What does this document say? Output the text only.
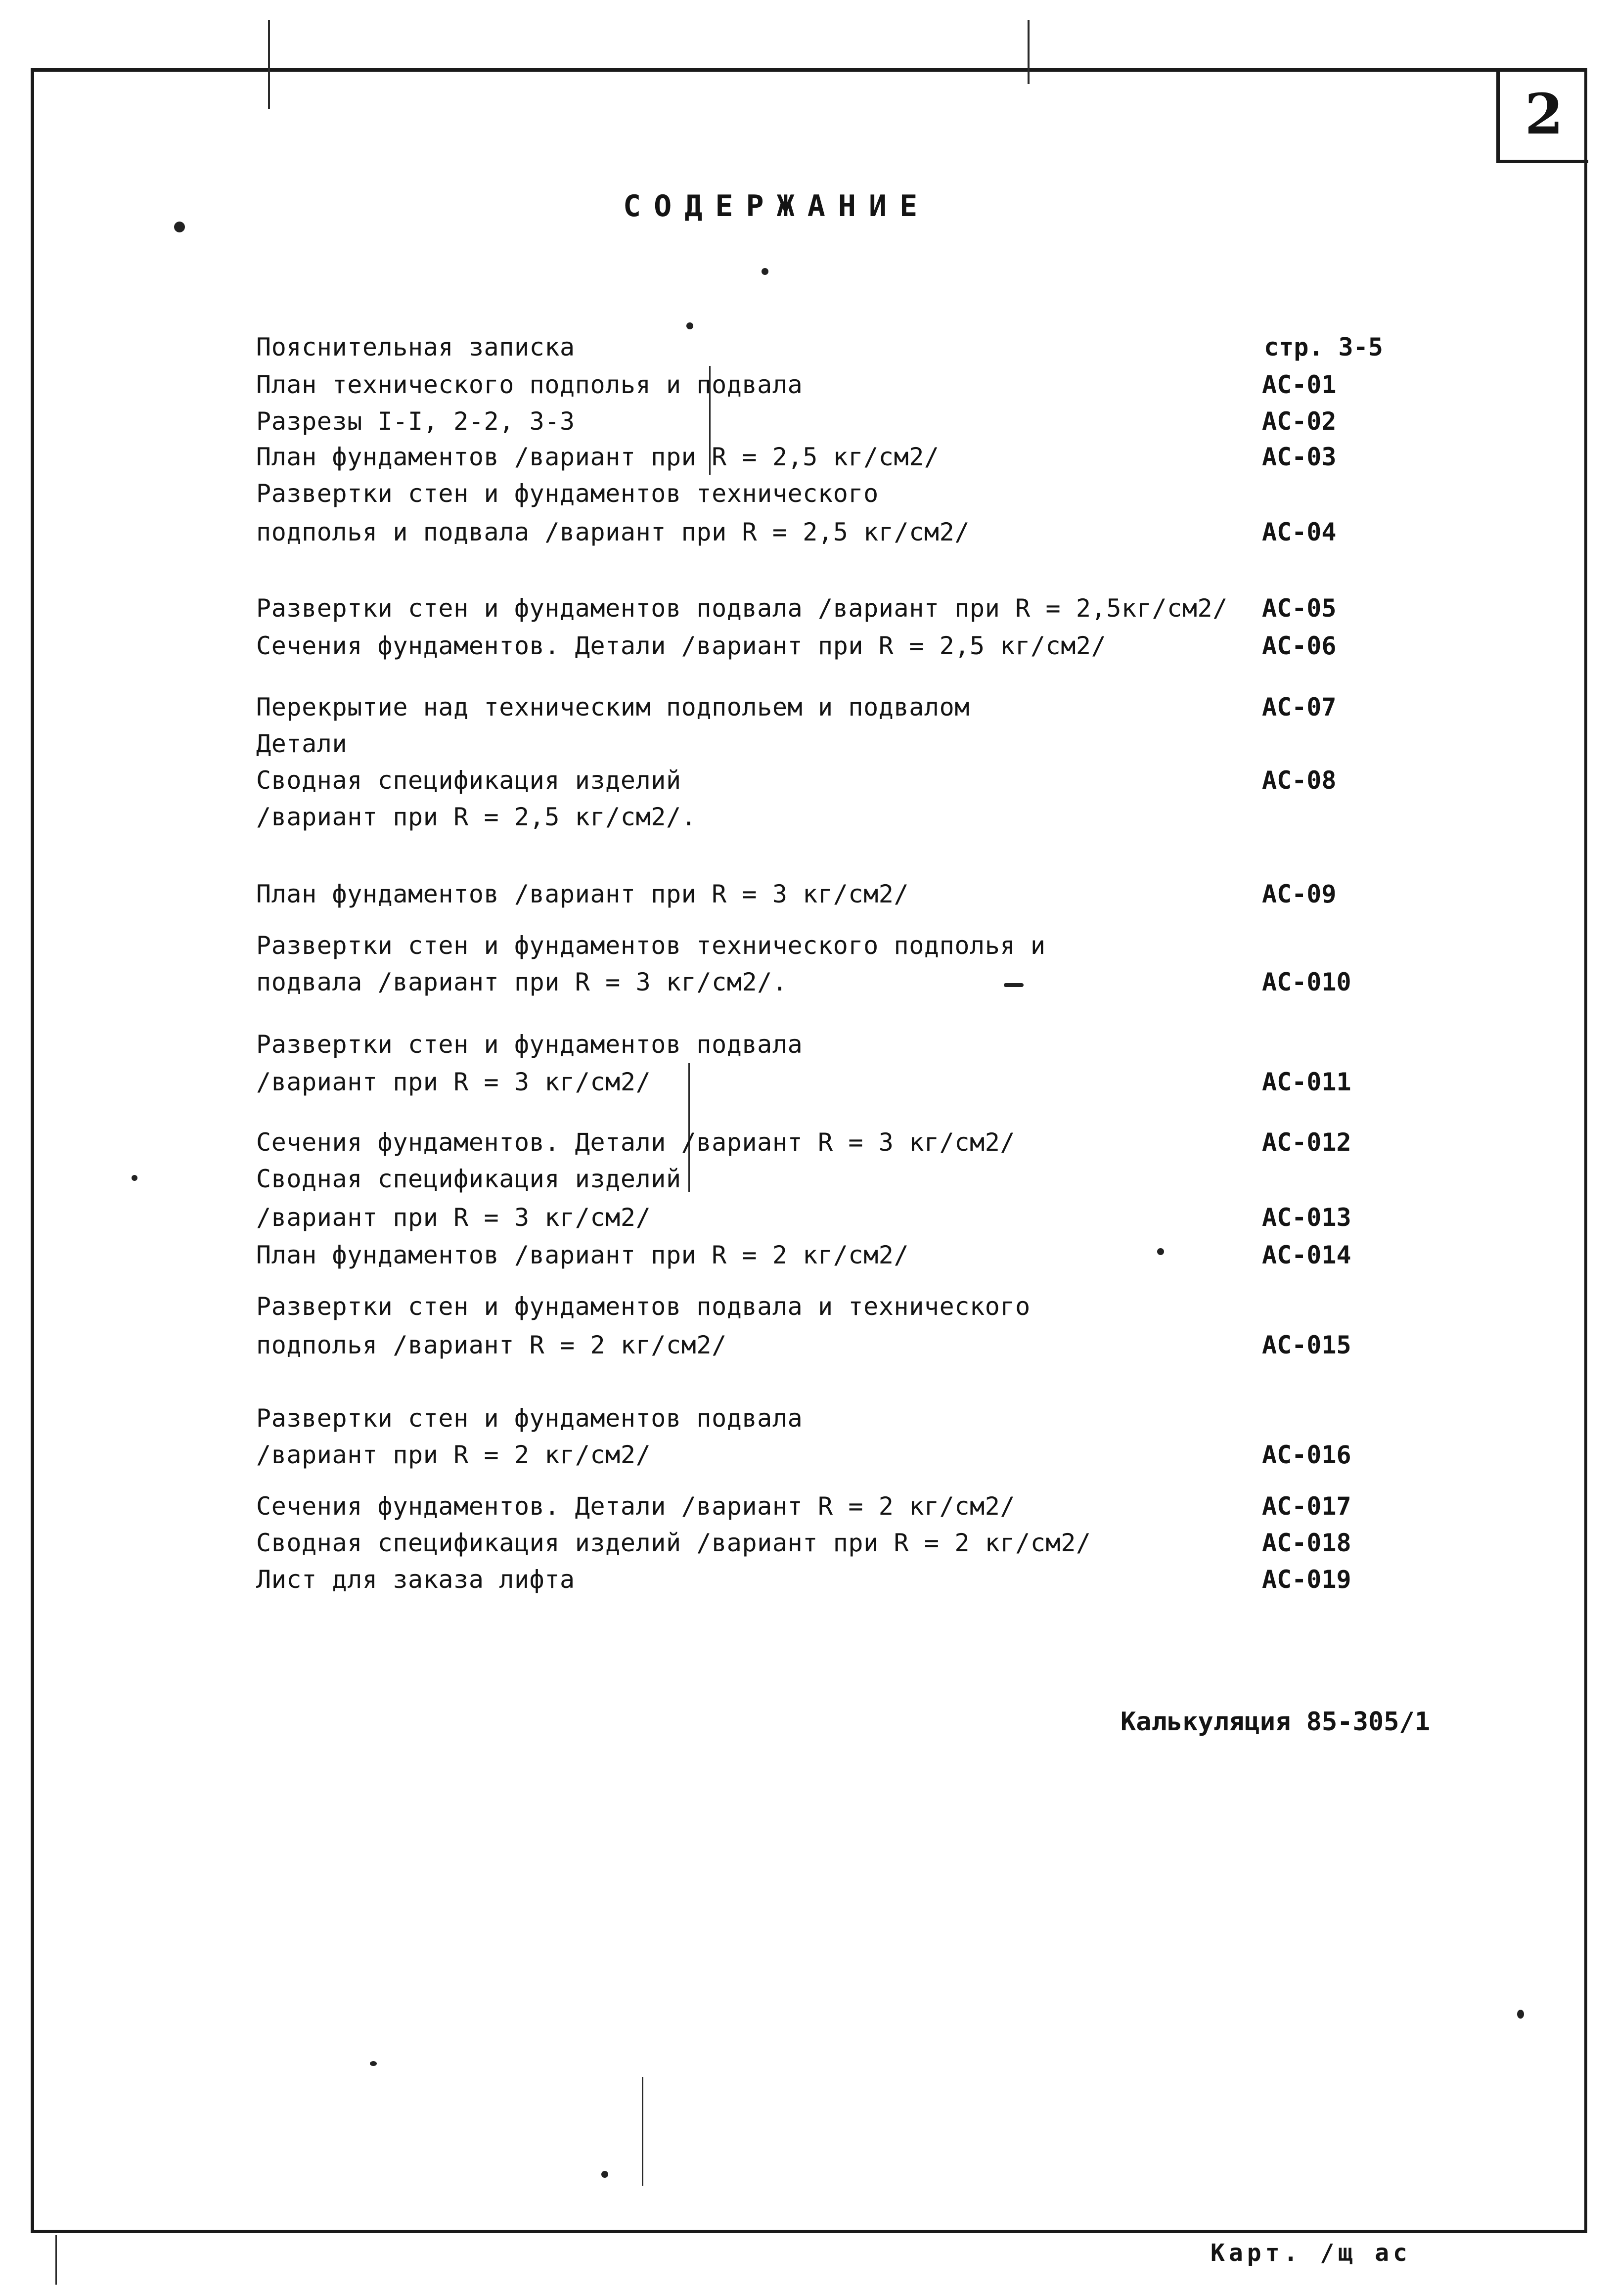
2
СОДЕРЖАНИЕ
Пояснительная записка	стр. 3-5
План технического подполья и подвала	АС-01
Разрезы I-I, 2-2, 3-3	АС-02
План фундаментов /вариант при R = 2,5 кг/см2/	АС-03
Развертки стен и фундаментов технического
подполья и подвала /вариант при R = 2,5 кг/см2/	АС-04
Развертки стен и фундаментов подвала /вариант при R = 2,5кг/см2/ АС-05
Сечения фундаментов. Детали /вариант при R = 2,5 кг/см2/	АС-06
Перекрытие над техническим подпольем и подвалом	АС-07
Детали
Сводная спецификация изделий	АС-08
/вариант при R = 2,5 кг/см2/.
План фундаментов /вариант при R = 3 кг/см2/	АС-09
Развертки стен и фундаментов технического подполья и
подвала /вариант при R = 3 кг/см2/.	АС-010
Развертки стен и фундаментов подвала
/вариант при R = 3 кг/см2/	АС-011
Сечения фундаментов. Детали /вариант R = 3 кг/см2/	АС-012
Сводная спецификация изделий
/вариант при R = 3 кг/см2/	АС-013
План фундаментов /вариант при R = 2 кг/см2/	АС-014
Развертки стен и фундаментов подвала и технического
подполья /вариант R = 2 кг/см2/	АС-015
Развертки стен и фундаментов подвала
/вариант при R = 2 кг/см2/	АС-016
Сечения фундаментов. Детали /вариант R = 2 кг/см2/	АС-017
Сводная спецификация изделий /вариант при R = 2 кг/см2/	АС-018
Лист для заказа лифта	АС-019
Калькуляция 85-305/1
Карт. /щ ас
